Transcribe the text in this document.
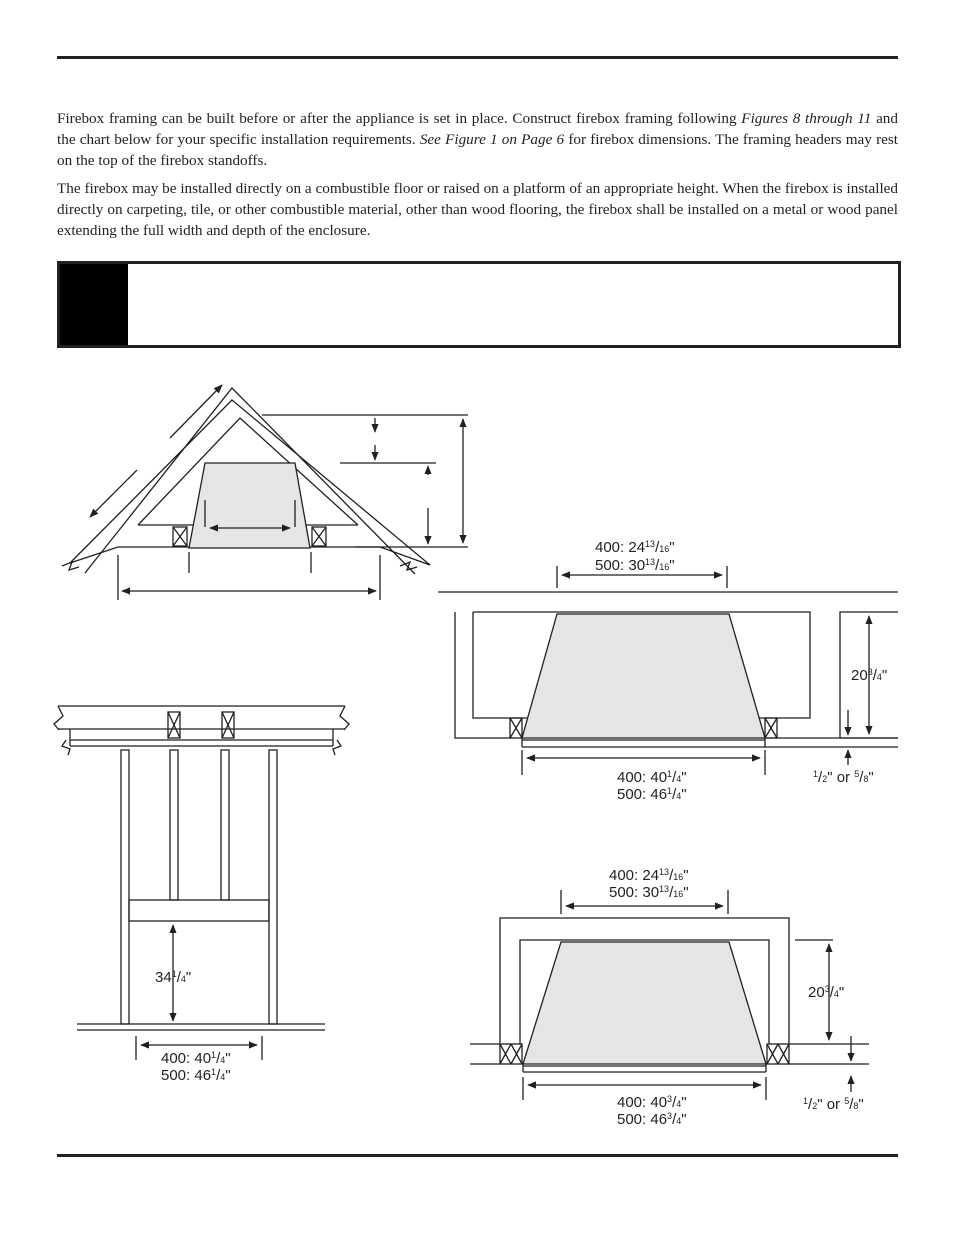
Firebox framing can be built before or after the appliance is set in place. Construct firebox framing following Figures 8 through 11 and the chart below for your specific installation requirements. See Figure 1 on Page 6 for firebox dimensions. The framing headers may rest on the top of the firebox standoffs.

The firebox may be installed directly on a combustible floor or raised on a platform of an appropriate height. When the firebox is installed directly on carpeting, tile, or other combustible material, other than wood flooring, the firebox shall be installed on a metal or wood panel extending the full width and depth of the enclosure.

400: $24^{13}/16$"
500: $30^{13}/16$"
$20^3/4$"
400: $40^1/4$"
500: $46^1/4$"
$^1$/2" or $^5$/8"
400: $24^{13}/16$"
500: $30^{13}/16$"
$20^3/4$"
400: $40^3/4$"
500: $46^3/4$"
$^1$/2" or $^5$/8"
$34^1/4$"
400: $40^1/4$"
500: $46^1/4$"
